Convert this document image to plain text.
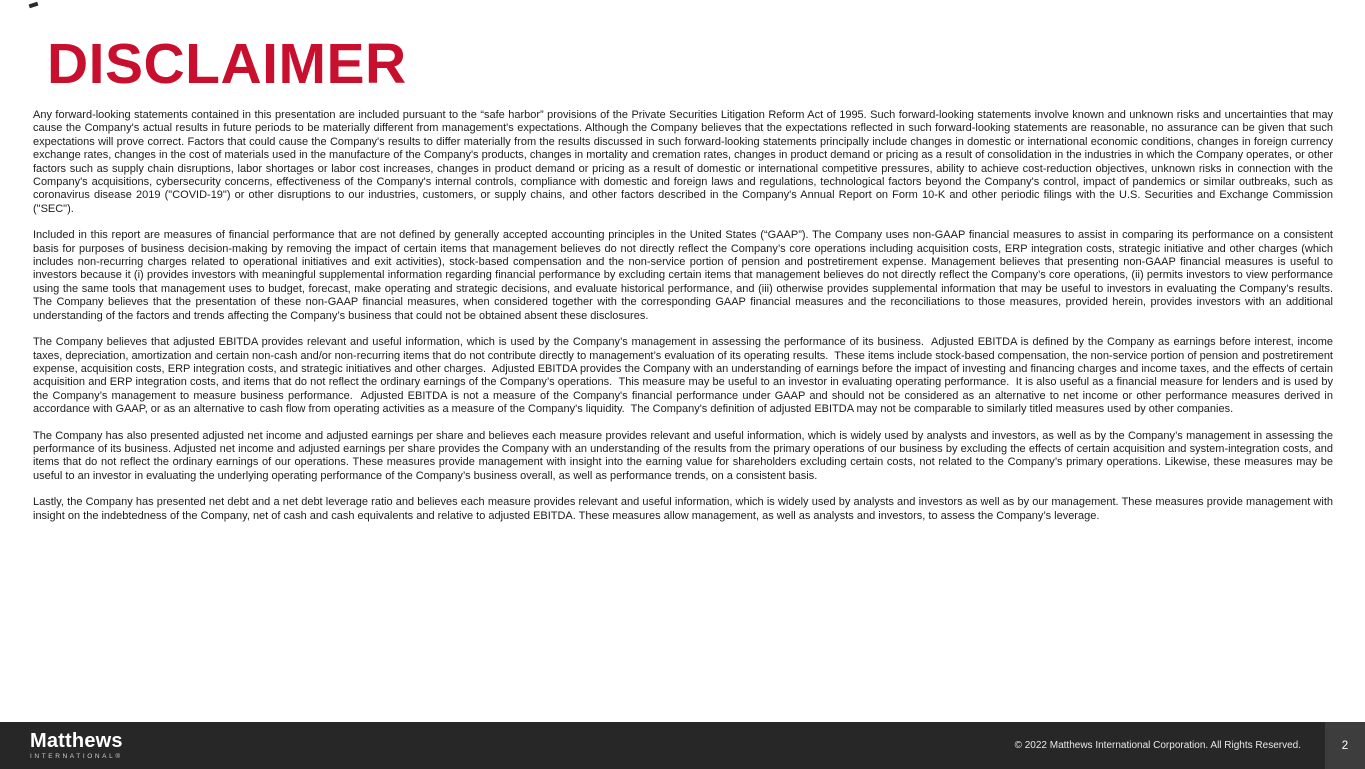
DISCLAIMER

Any forward-looking statements contained in this presentation are included pursuant to the “safe harbor” provisions of the Private Securities Litigation Reform Act of 1995. Such forward-looking statements involve known and unknown risks and uncertainties that may cause the Company's actual results in future periods to be materially different from management's expectations. Although the Company believes that the expectations reflected in such forward-looking statements are reasonable, no assurance can be given that such expectations will prove correct. Factors that could cause the Company's results to differ materially from the results discussed in such forward-looking statements principally include changes in domestic or international economic conditions, changes in foreign currency exchange rates, changes in the cost of materials used in the manufacture of the Company's products, changes in mortality and cremation rates, changes in product demand or pricing as a result of consolidation in the industries in which the Company operates, or other factors such as supply chain disruptions, labor shortages or labor cost increases, changes in product demand or pricing as a result of domestic or international competitive pressures, ability to achieve cost-reduction objectives, unknown risks in connection with the Company's acquisitions, cybersecurity concerns, effectiveness of the Company's internal controls, compliance with domestic and foreign laws and regulations, technological factors beyond the Company's control, impact of pandemics or similar outbreaks, such as coronavirus disease 2019 ("COVID-19") or other disruptions to our industries, customers, or supply chains, and other factors described in the Company's Annual Report on Form 10-K and other periodic filings with the U.S. Securities and Exchange Commission ("SEC").

Included in this report are measures of financial performance that are not defined by generally accepted accounting principles in the United States (“GAAP”). The Company uses non-GAAP financial measures to assist in comparing its performance on a consistent basis for purposes of business decision-making by removing the impact of certain items that management believes do not directly reflect the Company’s core operations including acquisition costs, ERP integration costs, strategic initiative and other charges (which includes non-recurring charges related to operational initiatives and exit activities), stock-based compensation and the non-service portion of pension and postretirement expense. Management believes that presenting non-GAAP financial measures is useful to investors because it (i) provides investors with meaningful supplemental information regarding financial performance by excluding certain items that management believes do not directly reflect the Company’s core operations, (ii) permits investors to view performance using the same tools that management uses to budget, forecast, make operating and strategic decisions, and evaluate historical performance, and (iii) otherwise provides supplemental information that may be useful to investors in evaluating the Company’s results. The Company believes that the presentation of these non-GAAP financial measures, when considered together with the corresponding GAAP financial measures and the reconciliations to those measures, provided herein, provides investors with an additional understanding of the factors and trends affecting the Company’s business that could not be obtained absent these disclosures.

The Company believes that adjusted EBITDA provides relevant and useful information, which is used by the Company’s management in assessing the performance of its business.  Adjusted EBITDA is defined by the Company as earnings before interest, income taxes, depreciation, amortization and certain non-cash and/or non-recurring items that do not contribute directly to management’s evaluation of its operating results.  These items include stock-based compensation, the non-service portion of pension and postretirement expense, acquisition costs, ERP integration costs, and strategic initiatives and other charges.  Adjusted EBITDA provides the Company with an understanding of earnings before the impact of investing and financing charges and income taxes, and the effects of certain acquisition and ERP integration costs, and items that do not reflect the ordinary earnings of the Company’s operations.  This measure may be useful to an investor in evaluating operating performance.  It is also useful as a financial measure for lenders and is used by the Company’s management to measure business performance.  Adjusted EBITDA is not a measure of the Company's financial performance under GAAP and should not be considered as an alternative to net income or other performance measures derived in accordance with GAAP, or as an alternative to cash flow from operating activities as a measure of the Company's liquidity.  The Company's definition of adjusted EBITDA may not be comparable to similarly titled measures used by other companies.

The Company has also presented adjusted net income and adjusted earnings per share and believes each measure provides relevant and useful information, which is widely used by analysts and investors, as well as by the Company’s management in assessing the performance of its business. Adjusted net income and adjusted earnings per share provides the Company with an understanding of the results from the primary operations of our business by excluding the effects of certain acquisition and system-integration costs, and items that do not reflect the ordinary earnings of our operations. These measures provide management with insight into the earning value for shareholders excluding certain costs, not related to the Company’s primary operations. Likewise, these measures may be useful to an investor in evaluating the underlying operating performance of the Company’s business overall, as well as performance trends, on a consistent basis.

Lastly, the Company has presented net debt and a net debt leverage ratio and believes each measure provides relevant and useful information, which is widely used by analysts and investors as well as by our management. These measures provide management with insight on the indebtedness of the Company, net of cash and cash equivalents and relative to adjusted EBITDA. These measures allow management, as well as analysts and investors, to assess the Company’s leverage.

Matthews
INTERNATIONAL®
© 2022 Matthews International Corporation. All Rights Reserved.	2
